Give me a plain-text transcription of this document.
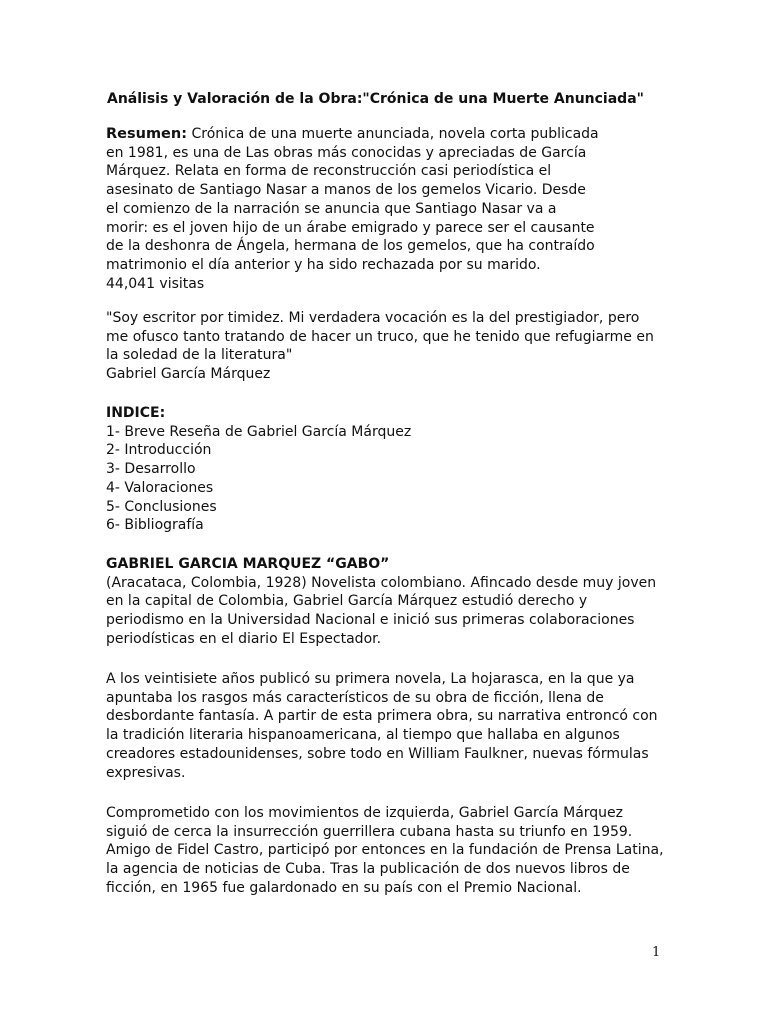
Análisis y Valoración de la Obra:"Crónica de una Muerte Anunciada"
Resumen: Crónica de una muerte anunciada, novela corta publicada
en 1981, es una de Las obras más conocidas y apreciadas de García
Márquez. Relata en forma de reconstrucción casi periodística el
asesinato de Santiago Nasar a manos de los gemelos Vicario. Desde
el comienzo de la narración se anuncia que Santiago Nasar va a
morir: es el joven hijo de un árabe emigrado y parece ser el causante
de la deshonra de Ángela, hermana de los gemelos, que ha contraído
matrimonio el día anterior y ha sido rechazada por su marido.
44,041 visitas
"Soy escritor por timidez. Mi verdadera vocación es la del prestigiador, pero
me ofusco tanto tratando de hacer un truco, que he tenido que refugiarme en
la soledad de la literatura"
Gabriel García Márquez
INDICE:
1- Breve Reseña de Gabriel García Márquez
2- Introducción
3- Desarrollo
4- Valoraciones
5- Conclusiones
6- Bibliografía
GABRIEL GARCIA MARQUEZ “GABO”
(Aracataca, Colombia, 1928) Novelista colombiano. Afincado desde muy joven
en la capital de Colombia, Gabriel García Márquez estudió derecho y
periodismo en la Universidad Nacional e inició sus primeras colaboraciones
periodísticas en el diario El Espectador.
A los veintisiete años publicó su primera novela, La hojarasca, en la que ya
apuntaba los rasgos más característicos de su obra de ficción, llena de
desbordante fantasía. A partir de esta primera obra, su narrativa entroncó con
la tradición literaria hispanoamericana, al tiempo que hallaba en algunos
creadores estadounidenses, sobre todo en William Faulkner, nuevas fórmulas
expresivas.
Comprometido con los movimientos de izquierda, Gabriel García Márquez
siguió de cerca la insurrección guerrillera cubana hasta su triunfo en 1959.
Amigo de Fidel Castro, participó por entonces en la fundación de Prensa Latina,
la agencia de noticias de Cuba. Tras la publicación de dos nuevos libros de
ficción, en 1965 fue galardonado en su país con el Premio Nacional.
1
